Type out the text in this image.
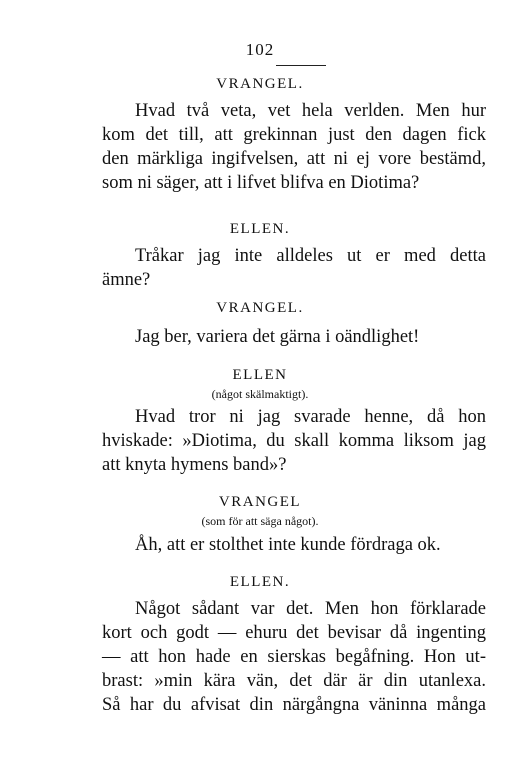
102
VRANGEL.
Hvad två veta, vet hela verlden. Men hur
kom det till, att grekinnan just den dagen fick
den märkliga ingifvelsen, att ni ej vore bestämd,
som ni säger, att i lifvet blifva en Diotima?
ELLEN.
Tråkar jag inte alldeles ut er med detta
ämne?
VRANGEL.
Jag ber, variera det gärna i oändlighet!
ELLEN
(något skälmaktigt).
Hvad tror ni jag svarade henne, då hon
hviskade: »Diotima, du skall komma liksom jag
att knyta hymens band»?
VRANGEL
(som för att säga något).
Åh, att er stolthet inte kunde fördraga ok.
ELLEN.
Något sådant var det. Men hon förklarade
kort och godt — ehuru det bevisar då ingenting
— att hon hade en sierskas begåfning. Hon ut-
brast: »min kära vän, det där är din utanlexa.
Så har du afvisat din närgångna väninna många
